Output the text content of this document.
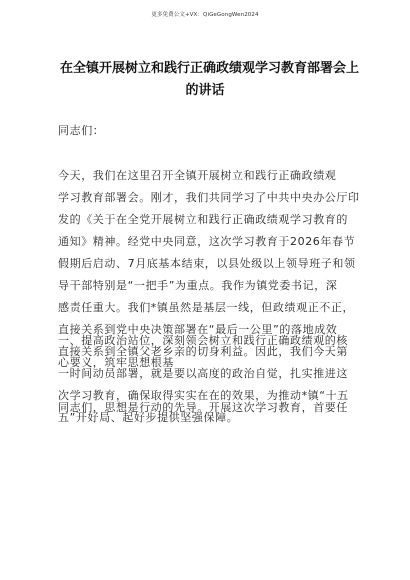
更多免费公文+VX：QiGeGongWen2024
在全镇开展树立和践行正确政绩观学习教育部署会上
的讲话
同志们：
今天，我们在这里召开全镇开展树立和践行正确政绩观
学习教育部署会。刚才，我们共同学习了中共中央办公厅印
发的《关于在全党开展树立和践行正确政绩观学习教育的
通知》精神。经党中央同意，这次学习教育于2026年春节
假期后启动、7月底基本结束，以县处级以上领导班子和领
导干部特别是“一把手”为重点。我作为镇党委书记，深
感责任重大。我们*镇虽然是基层一线，但政绩观正不正，
直接关系到党中央决策部署在“最后一公里”的落地成效
直接关系到全镇父老乡亲的切身利益。因此，我们今天第
一时间动员部署，就是要以高度的政治自觉，扎实推进这
次学习教育，确保取得实实在在的效果，为推动*镇“十五
五”开好局、起好步提供坚强保障。
一、提高政治站位，深刻领会树立和践行正确政绩观的核
心要义，筑牢思想根基
同志们，思想是行动的先导。开展这次学习教育，首要任
